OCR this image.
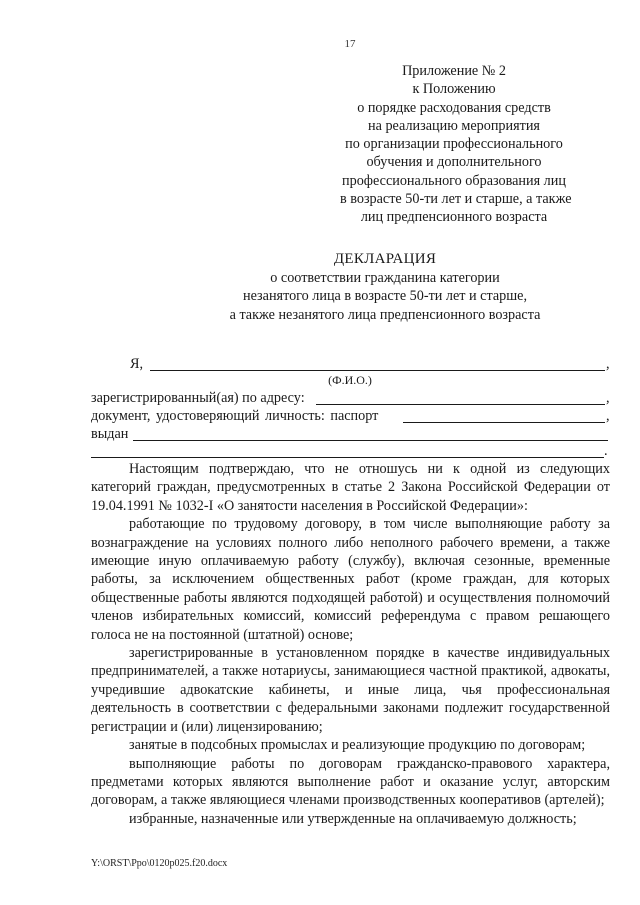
17
Приложение № 2
к Положению
о порядке расходования средств
на реализацию мероприятия
по организации профессионального
обучения и дополнительного
профессионального образования лиц
в возрасте 50-ти лет и старше, а также
лиц предпенсионного возраста
ДЕКЛАРАЦИЯ
о соответствии гражданина категории
незанятого лица в возрасте 50-ти лет и старше,
а также незанятого лица предпенсионного возраста
Я,	,
(Ф.И.О.)
зарегистрированный(ая) по адресу:	,
документ, удостоверяющий личность: паспорт	,
выдан
.

Настоящим подтверждаю, что не отношусь ни к одной из следующих категорий граждан, предусмотренных в статье 2 Закона Российской Федерации от 19.04.1991 № 1032-I «О занятости населения в Российской Федерации»:

работающие по трудовому договору, в том числе выполняющие работу за вознаграждение на условиях полного либо неполного рабочего времени, а также имеющие иную оплачиваемую работу (службу), включая сезонные, временные работы, за исключением общественных работ (кроме граждан, для которых общественные работы являются подходящей работой) и осуществления полномочий членов избирательных комиссий, комиссий референдума с правом решающего голоса не на постоянной (штатной) основе;

зарегистрированные в установленном порядке в качестве индивидуальных предпринимателей, а также нотариусы, занимающиеся частной практикой, адвокаты, учредившие адвокатские кабинеты, и иные лица, чья профессиональная деятельность в соответствии с федеральными законами подлежит государственной регистрации и (или) лицензированию;

занятые в подсобных промыслах и реализующие продукцию по договорам;

выполняющие работы по договорам гражданско-правового характера, предметами которых являются выполнение работ и оказание услуг, авторским договорам, а также являющиеся членами производственных кооперативов (артелей);

избранные, назначенные или утвержденные на оплачиваемую должность;

Y:\ORST\Ppo\0120p025.f20.docx
